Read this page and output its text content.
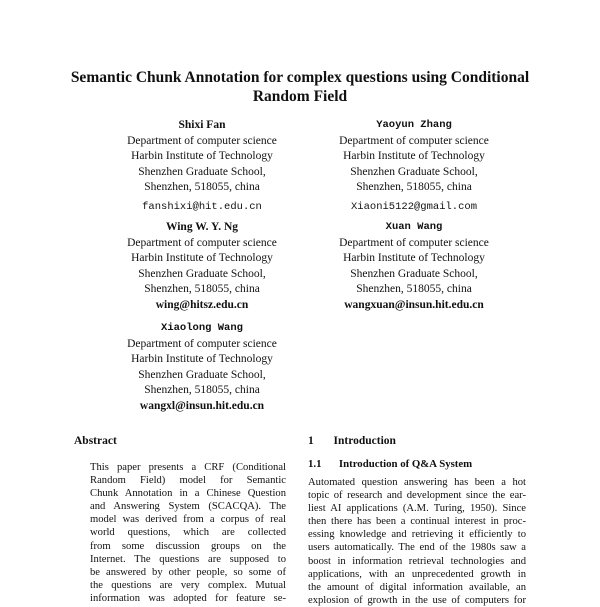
Semantic Chunk Annotation for complex questions using Conditional
Random Field
Shixi Fan
Department of computer science
Harbin Institute of Technology
Shenzhen Graduate School,
Shenzhen, 518055, china
fanshixi@hit.edu.cn
Yaoyun Zhang
Department of computer science
Harbin Institute of Technology
Shenzhen Graduate School,
Shenzhen, 518055, china
Xiaoni5122@gmail.com
Wing W. Y. Ng
Department of computer science
Harbin Institute of Technology
Shenzhen Graduate School,
Shenzhen, 518055, china
wing@hitsz.edu.cn
Xuan Wang
Department of computer science
Harbin Institute of Technology
Shenzhen Graduate School,
Shenzhen, 518055, china
wangxuan@insun.hit.edu.cn
Xiaolong Wang
Department of computer science
Harbin Institute of Technology
Shenzhen Graduate School,
Shenzhen, 518055, china
wangxl@insun.hit.edu.cn
Abstract
This paper presents a CRF (Conditional
Random Field) model for Semantic
Chunk Annotation in a Chinese Question
and Answering System (SCACQA). The
model was derived from a corpus of real
world questions, which are collected
from some discussion groups on the
Internet. The questions are supposed to
be answered by other people, so some of
the questions are very complex. Mutual
information was adopted for feature se-
1 Introduction
1.1 Introduction of Q&A System
Automated question answering has been a hot
topic of research and development since the ear-
liest AI applications (A.M. Turing, 1950). Since
then there has been a continual interest in proc-
essing knowledge and retrieving it efficiently to
users automatically. The end of the 1980s saw a
boost in information retrieval technologies and
applications, with an unprecedented growth in
the amount of digital information available, an
explosion of growth in the use of computers for
